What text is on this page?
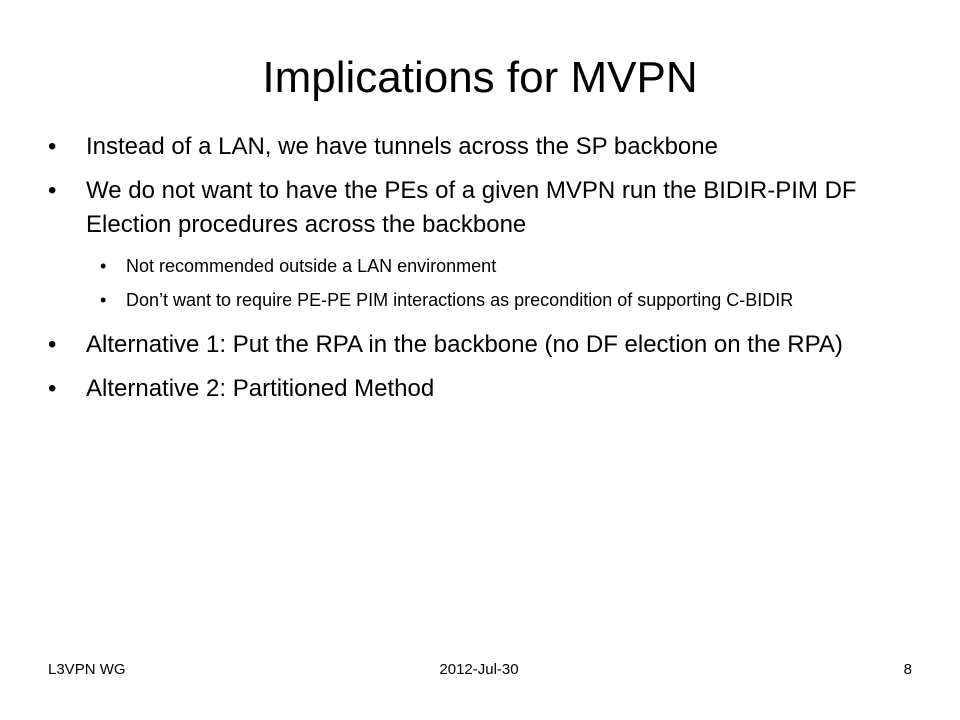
Implications for MVPN
• Instead of a LAN, we have tunnels across the SP backbone
• We do not want to have the PEs of a given MVPN run the BIDIR-PIM DF Election procedures across the backbone
• Not recommended outside a LAN environment
• Don’t want to require PE-PE PIM interactions as precondition of supporting C-BIDIR
• Alternative 1: Put the RPA in the backbone (no DF election on the RPA)
• Alternative 2: Partitioned Method
L3VPN WG	2012-Jul-30	8
